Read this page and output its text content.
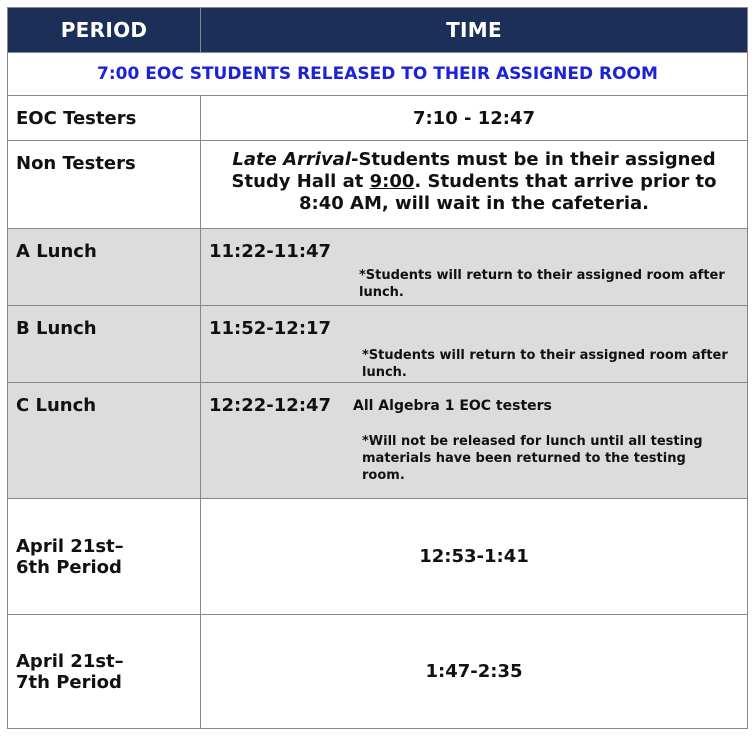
PERIOD	TIME
7:00 EOC STUDENTS RELEASED TO THEIR ASSIGNED ROOM	
EOC Testers	7:10 - 12:47
Non Testers	Late Arrival-Students must be in their assigned Study Hall at 9:00. Students that arrive prior to 8:40 AM, will wait in the cafeteria.
A Lunch	11:22-11:47
*Students will return to their assigned room after lunch.

B Lunch	11:52-12:17
*Students will return to their assigned room after lunch.

C Lunch	12:22-12:47 All Algebra 1 EOC testers
*Will not be released for lunch until all testing materials have been returned to the testing room.

April 21st–
6th Period	12:53-1:41

April 21st–
7th Period	1:47-2:35
